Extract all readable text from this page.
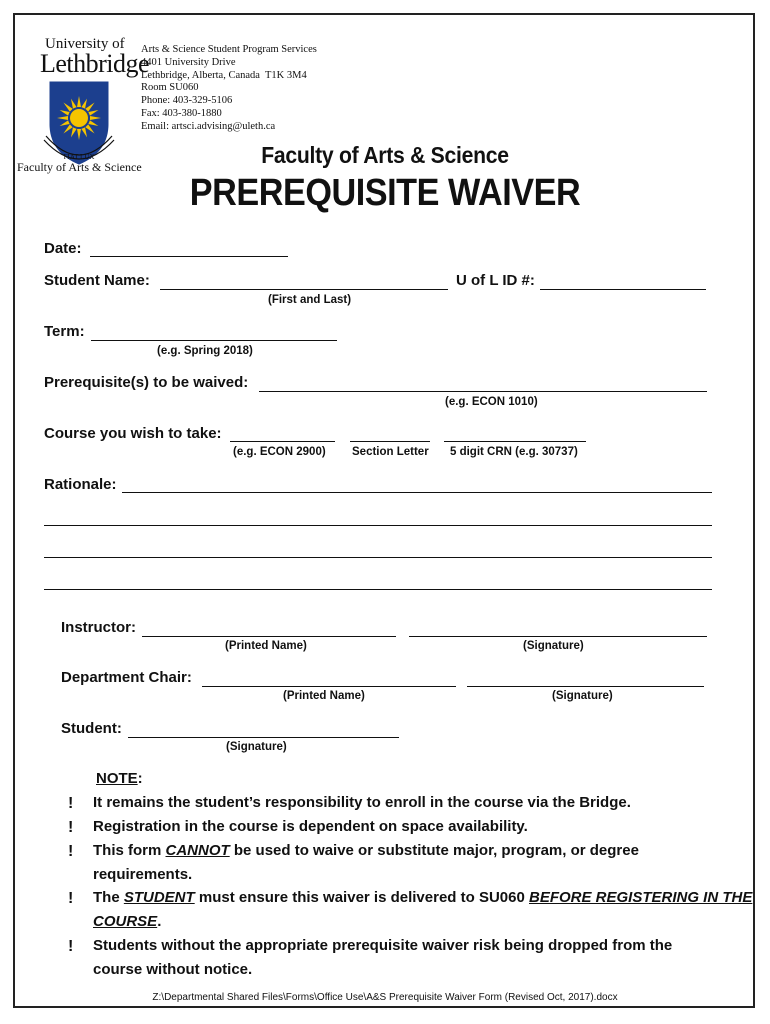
University of
Lethbridge
FIAT LUX
Faculty of Arts & Science
Arts & Science Student Program Services
4401 University Drive
Lethbridge, Alberta, Canada  T1K 3M4
Room SU060
Phone: 403-329-5106
Fax: 403-380-1880
Email: artsci.advising@uleth.ca
Faculty of Arts & Science
PREREQUISITE WAIVER
Date:
Student Name:
(First and Last)
U of L ID #:
Term:
(e.g. Spring 2018)
Prerequisite(s) to be waived:
(e.g. ECON 1010)
Course you wish to take:
(e.g. ECON 2900) Section Letter 5 digit CRN (e.g. 30737)
Rationale:
Instructor:
(Printed Name)	(Signature)
Department Chair:
(Printed Name)	(Signature)
Student:
(Signature)
NOTE:
! It remains the student’s responsibility to enroll in the course via the Bridge.
! Registration in the course is dependent on space availability.
! This form CANNOT be used to waive or substitute major, program, or degree
requirements.
! The STUDENT must ensure this waiver is delivered to SU060 BEFORE REGISTERING IN THE
COURSE.
! Students without the appropriate prerequisite waiver risk being dropped from the
course without notice.
Z:\Departmental Shared Files\Forms\Office Use\A&S Prerequisite Waiver Form (Revised Oct, 2017).docx
